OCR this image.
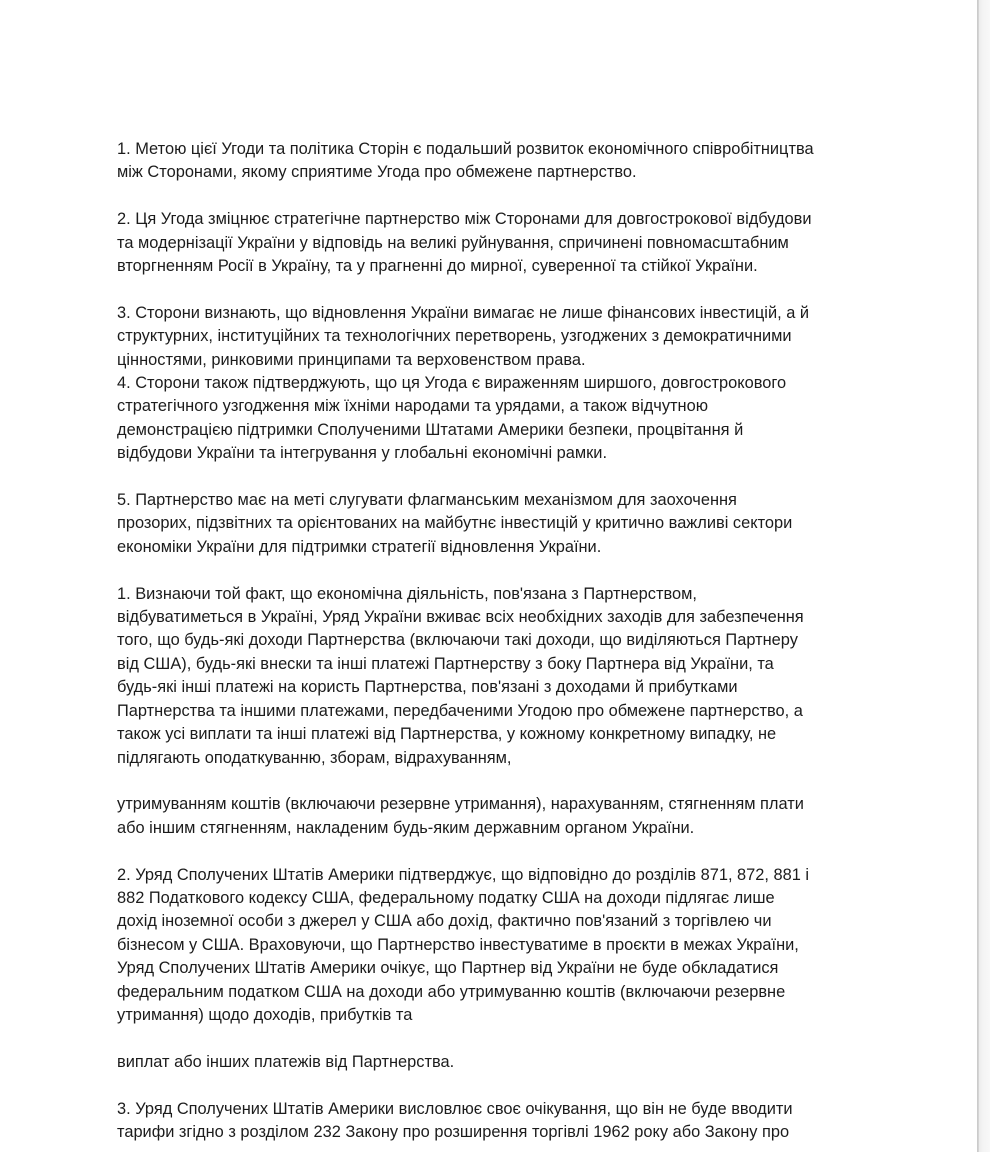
1. Метою цієї Угоди та політика Сторін є подальший розвиток економічного співробітництва
між Сторонами, якому сприятиме Угода про обмежене партнерство.

2. Ця Угода зміцнює стратегічне партнерство між Сторонами для довгострокової відбудови
та модернізації України у відповідь на великі руйнування, спричинені повномасштабним
вторгненням Росії в Україну, та у прагненні до мирної, суверенної та стійкої України.

3. Сторони визнають, що відновлення України вимагає не лише фінансових інвестицій, а й
структурних, інституційних та технологічних перетворень, узгоджених з демократичними
цінностями, ринковими принципами та верховенством права.
4. Сторони також підтверджують, що ця Угода є вираженням ширшого, довгострокового
стратегічного узгодження між їхніми народами та урядами, а також відчутною
демонстрацією підтримки Сполученими Штатами Америки безпеки, процвітання й
відбудови України та інтегрування у глобальні економічні рамки.

5. Партнерство має на меті слугувати флагманським механізмом для заохочення
прозорих, підзвітних та орієнтованих на майбутнє інвестицій у критично важливі сектори
економіки України для підтримки стратегії відновлення України.

1. Визнаючи той факт, що економічна діяльність, пов'язана з Партнерством,
відбуватиметься в Україні, Уряд України вживає всіх необхідних заходів для забезпечення
того, що будь-які доходи Партнерства (включаючи такі доходи, що виділяються Партнеру
від США), будь-які внески та інші платежі Партнерству з боку Партнера від України, та
будь-які інші платежі на користь Партнерства, пов'язані з доходами й прибутками
Партнерства та іншими платежами, передбаченими Угодою про обмежене партнерство, а
також усі виплати та інші платежі від Партнерства, у кожному конкретному випадку, не
підлягають оподаткуванню, зборам, відрахуванням,

утримуванням коштів (включаючи резервне утримання), нарахуванням, стягненням плати
або іншим стягненням, накладеним будь-яким державним органом України.

2. Уряд Сполучених Штатів Америки підтверджує, що відповідно до розділів 871, 872, 881 і
882 Податкового кодексу США, федеральному податку США на доходи підлягає лише
дохід іноземної особи з джерел у США або дохід, фактично пов'язаний з торгівлею чи
бізнесом у США. Враховуючи, що Партнерство інвестуватиме в проєкти в межах України,
Уряд Сполучених Штатів Америки очікує, що Партнер від України не буде обкладатися
федеральним податком США на доходи або утримуванню коштів (включаючи резервне
утримання) щодо доходів, прибутків та

виплат або інших платежів від Партнерства.

3. Уряд Сполучених Штатів Америки висловлює своє очікування, що він не буде вводити
тарифи згідно з розділом 232 Закону про розширення торгівлі 1962 року або Закону про
